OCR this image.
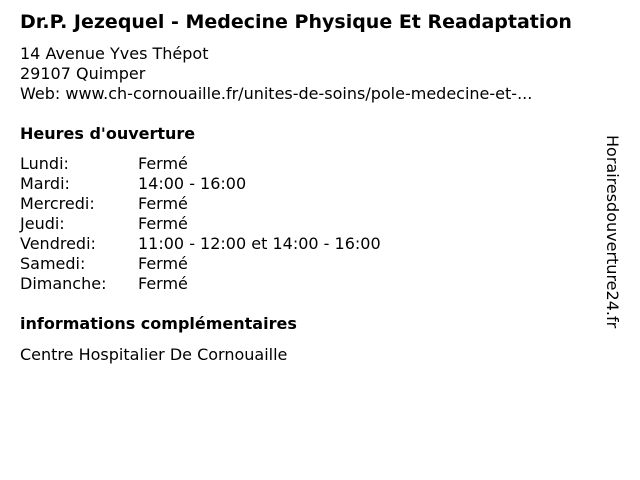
Dr.P. Jezequel - Medecine Physique Et Readaptation
14 Avenue Yves Thépot
29107 Quimper
Web: www.ch-cornouaille.fr/unites-de-soins/pole-medecine-et-...
Heures d'ouverture
Lundi:	Fermé
Mardi:	14:00 - 16:00
Mercredi:	Fermé
Jeudi:	Fermé
Vendredi:	11:00 - 12:00 et 14:00 - 16:00
Samedi:	Fermé
Dimanche: Fermé
informations complémentaires
Centre Hospitalier De Cornouaille
Horairesdouverture24.fr
